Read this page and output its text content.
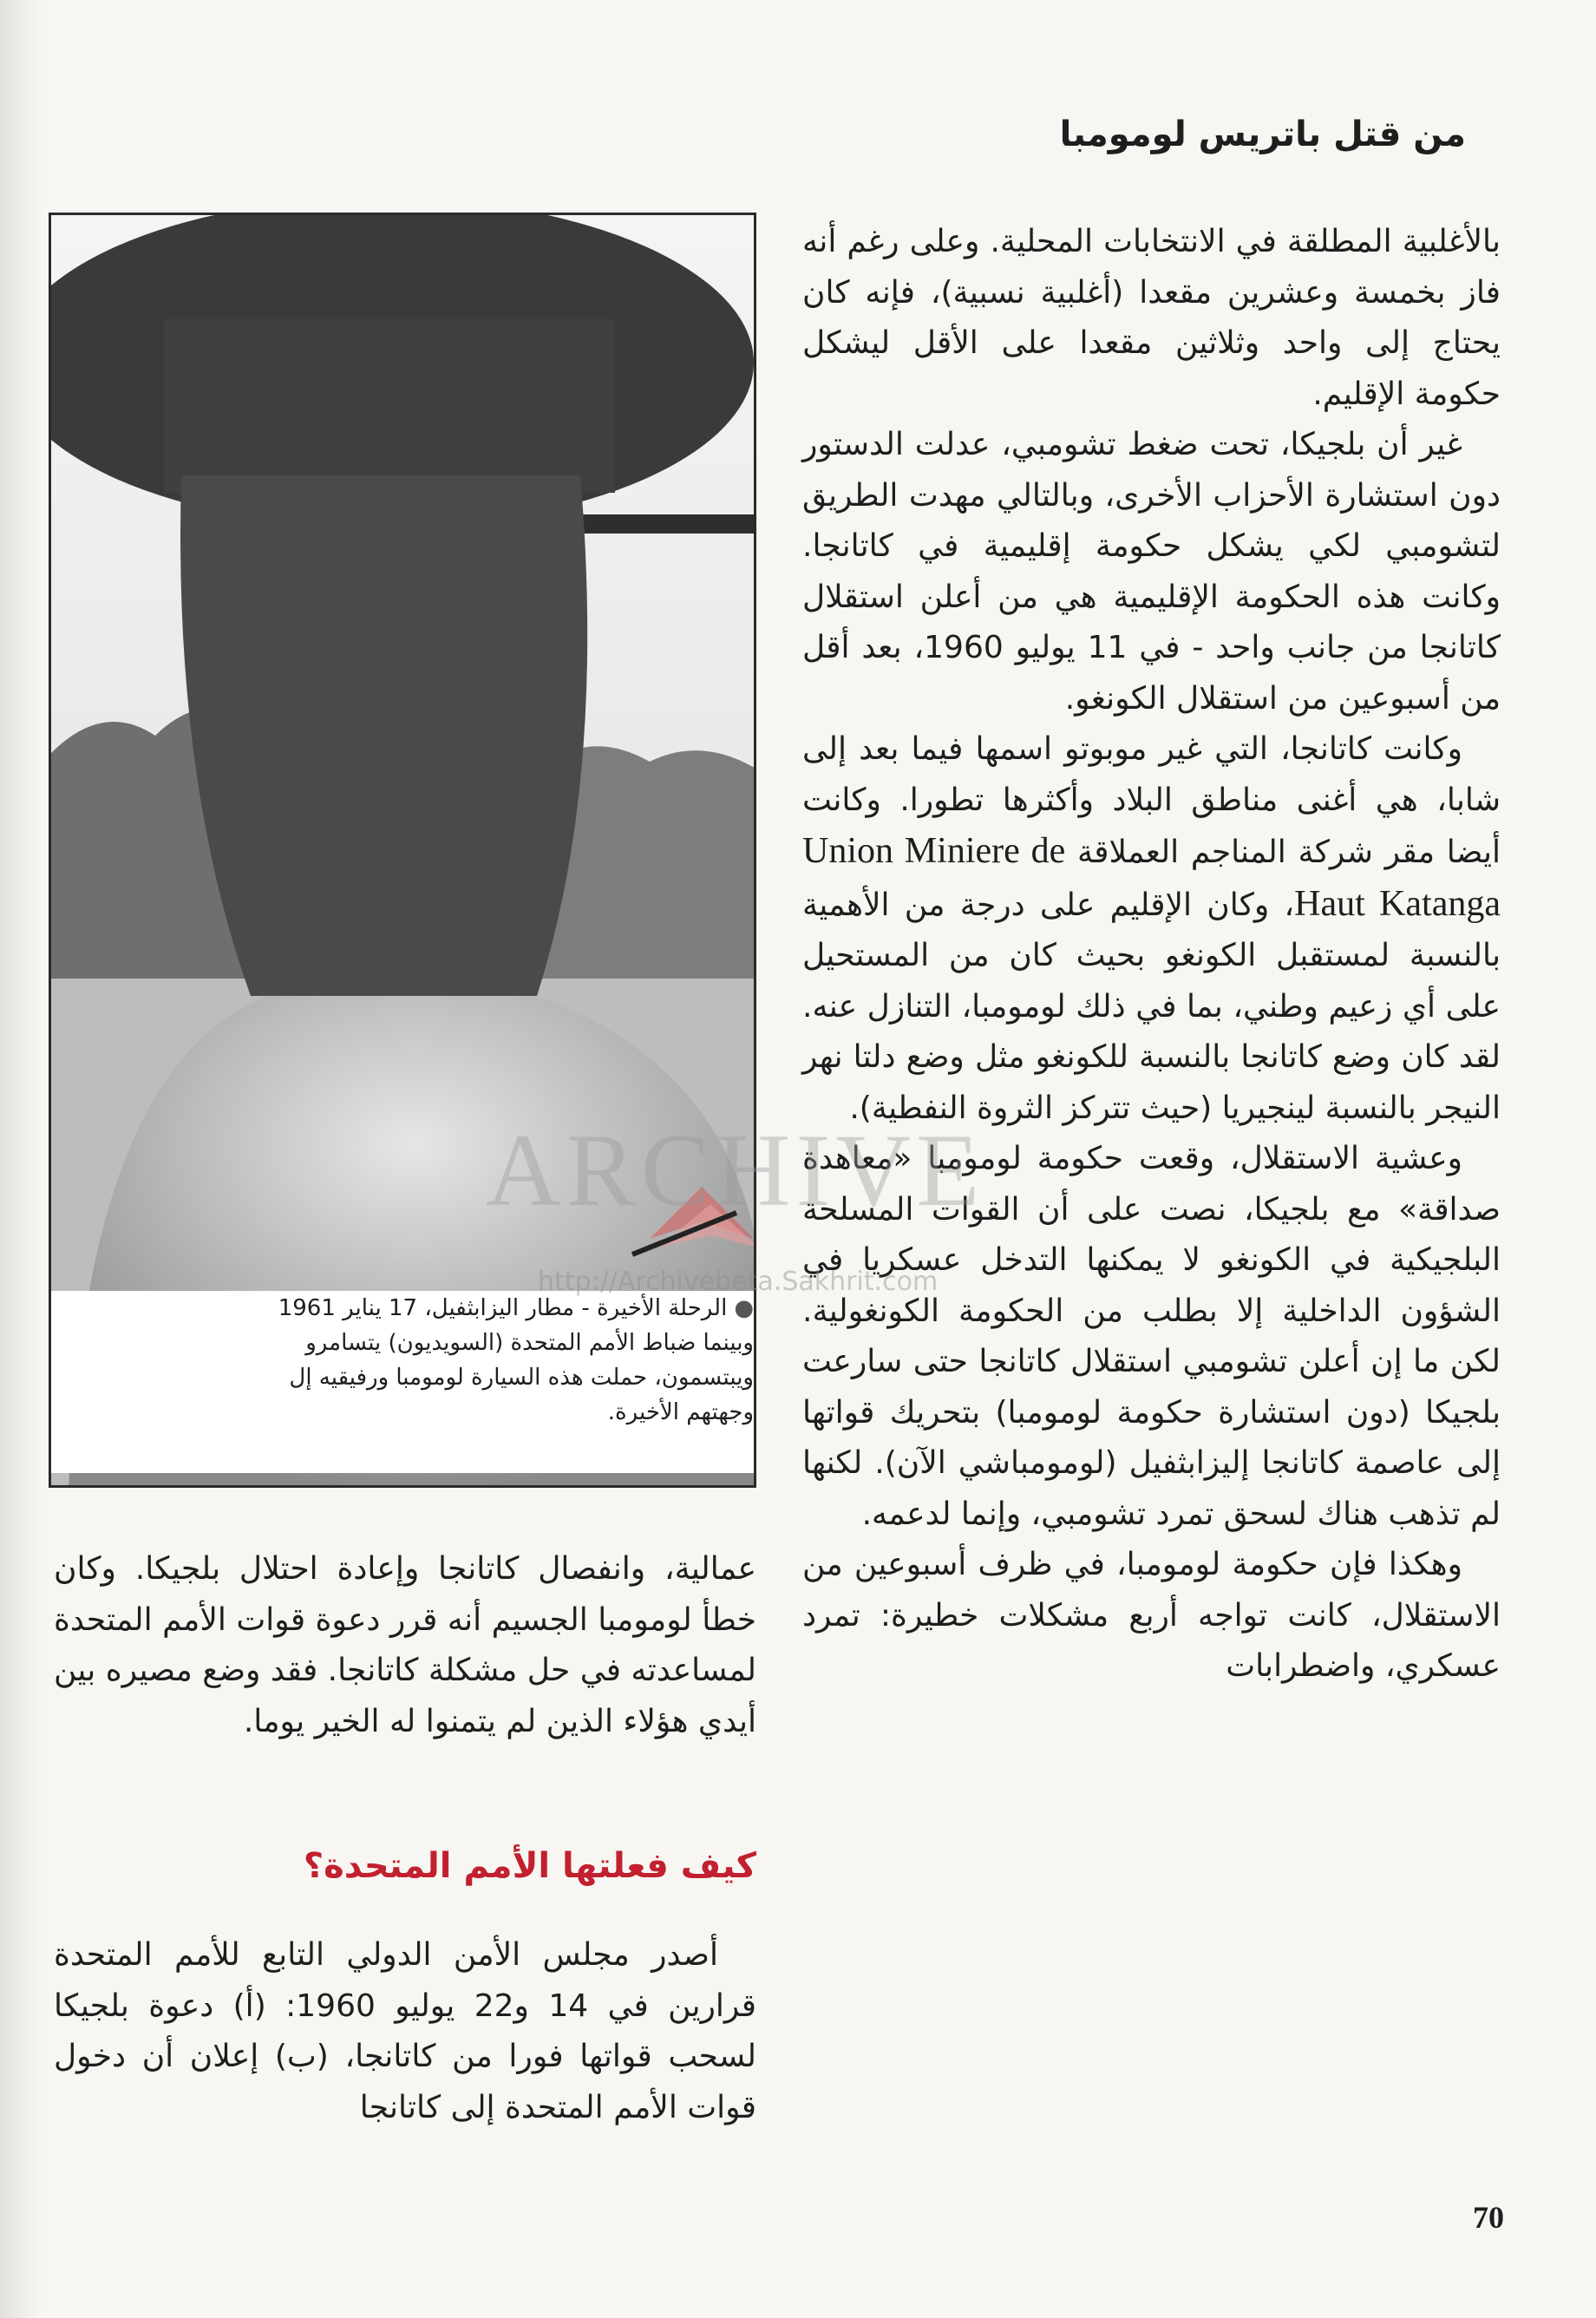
من قتل باتريس لومومبا
●الرحلة الأخيرة - مطار اليزابثفيل، 17 يناير 1961
وبينما ضباط الأمم المتحدة (السويديون) يتسامرو
ويبتسمون، حملت هذه السيارة لومومبا ورفيقيه إل
وجهتهم الأخيرة.

بالأغلبية المطلقة في الانتخابات المحلية. وعلى رغم أنه فاز بخمسة وعشرين مقعدا (أغلبية نسبية)، فإنه كان يحتاج إلى واحد وثلاثين مقعدا على الأقل ليشكل حكومة الإقليم.

غير أن بلجيكا، تحت ضغط تشومبي، عدلت الدستور دون استشارة الأحزاب الأخرى، وبالتالي مهدت الطريق لتشومبي لكي يشكل حكومة إقليمية في كاتانجا. وكانت هذه الحكومة الإقليمية هي من أعلن استقلال كاتانجا من جانب واحد - في 11 يوليو 1960، بعد أقل من أسبوعين من استقلال الكونغو.

وكانت كاتانجا، التي غير موبوتو اسمها فيما بعد إلى شابا، هي أغنى مناطق البلاد وأكثرها تطورا. وكانت أيضا مقر شركة المناجم العملاقة Union Miniere de Haut Katanga، وكان الإقليم على درجة من الأهمية بالنسبة لمستقبل الكونغو بحيث كان من المستحيل على أي زعيم وطني، بما في ذلك لومومبا، التنازل عنه. لقد كان وضع كاتانجا بالنسبة للكونغو مثل وضع دلتا نهر النيجر بالنسبة لينجيريا (حيث تتركز الثروة النفطية).

وعشية الاستقلال، وقعت حكومة لومومبا «معاهدة صداقة» مع بلجيكا، نصت على أن القوات المسلحة البلجيكية في الكونغو لا يمكنها التدخل عسكريا في الشؤون الداخلية إلا بطلب من الحكومة الكونغولية. لكن ما إن أعلن تشومبي استقلال كاتانجا حتى سارعت بلجيكا (دون استشارة حكومة لومومبا) بتحريك قواتها إلى عاصمة كاتانجا إليزابثفيل (لومومباشي الآن). لكنها لم تذهب هناك لسحق تمرد تشومبي، وإنما لدعمه.

وهكذا فإن حكومة لومومبا، في ظرف أسبوعين من الاستقلال، كانت تواجه أربع مشكلات خطيرة: تمرد عسكري، واضطرابات

عمالية، وانفصال كاتانجا وإعادة احتلال بلجيكا. وكان خطأ لومومبا الجسيم أنه قرر دعوة قوات الأمم المتحدة لمساعدته في حل مشكلة كاتانجا. فقد وضع مصيره بين أيدي هؤلاء الذين لم يتمنوا له الخير يوما.

كيف فعلتها الأمم المتحدة؟

أصدر مجلس الأمن الدولي التابع للأمم المتحدة قرارين في 14 و22 يوليو 1960: (أ) دعوة بلجيكا لسحب قواتها فورا من كاتانجا، (ب) إعلان أن دخول قوات الأمم المتحدة إلى كاتانجا

ARCHIVE
http://Archivebeta.Sakhrit.com
70
